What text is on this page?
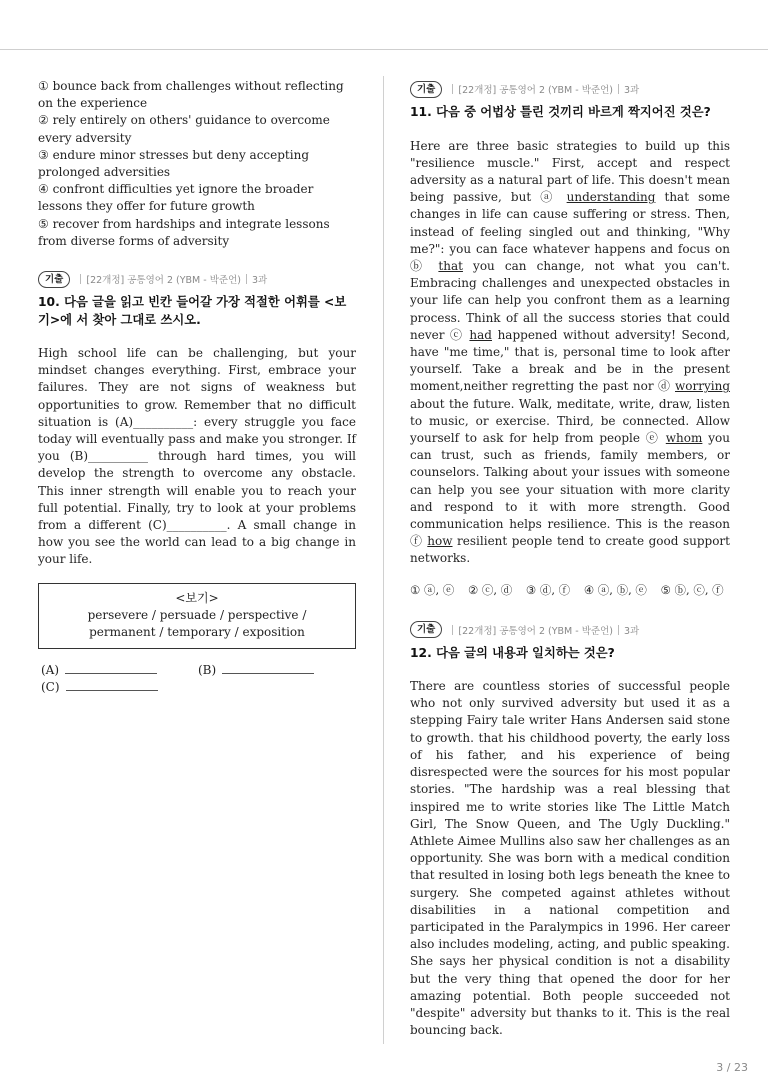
① bounce back from challenges without reflecting on the experience
② rely entirely on others' guidance to overcome every adversity
③ endure minor stresses but deny accepting prolonged adversities
④ confront difficulties yet ignore the broader lessons they offer for future growth
⑤ recover from hardships and integrate lessons from diverse forms of adversity
기출	[22개정] 공통영어 2 (YBM - 박준언) 3과
10. 다음 글을 읽고 빈칸 들어갈 가장 적절한 어휘를 <보기>에 서 찾아 그대로 쓰시오.
High school life can be challenging, but your mindset changes everything. First, embrace your failures. They are not signs of weakness but opportunities to grow. Remember that no difficult situation is (A)__________: every struggle you face today will eventually pass and make you stronger. If you (B)__________ through hard times, you will develop the strength to overcome any obstacle. This inner strength will enable you to reach your full potential. Finally, try to look at your problems from a different (C)__________. A small change in how you see the world can lead to a big change in your life.
<보기>
persevere / persuade / perspective / permanent / temporary / exposition
(A)	(B)
(C)
기출	[22개정] 공통영어 2 (YBM - 박준언) 3과
11. 다음 중 어법상 틀린 것끼리 바르게 짝지어진 것은?
Here are three basic strategies to build up this "resilience muscle." First, accept and respect adversity as a natural part of life. This doesn't mean being passive, but ⓐ understanding that some changes in life can cause suffering or stress. Then, instead of feeling singled out and thinking, "Why me?": you can face whatever happens and focus on ⓑ that you can change, not what you can't. Embracing challenges and unexpected obstacles in your life can help you confront them as a learning process. Think of all the success stories that could never ⓒ had happened without adversity! Second, have "me time," that is, personal time to look after yourself. Take a break and be in the present moment,neither regretting the past nor ⓓ worrying about the future. Walk, meditate, write, draw, listen to music, or exercise. Third, be connected. Allow yourself to ask for help from people ⓔ whom you can trust, such as friends, family members, or counselors. Talking about your issues with someone can help you see your situation with more clarity and respond to it with more strength. Good communication helps resilience. This is the reason ⓕ how resilient people tend to create good support networks.
① ⓐ, ⓔ ② ⓒ, ⓓ ③ ⓓ, ⓕ ④ ⓐ, ⓑ, ⓔ ⑤ ⓑ, ⓒ, ⓕ
기출	[22개정] 공통영어 2 (YBM - 박준언) 3과
12. 다음 글의 내용과 일치하는 것은?
There are countless stories of successful people who not only survived adversity but used it as a stepping Fairy tale writer Hans Andersen said stone to growth. that his childhood poverty, the early loss of his father, and his experience of being disrespected were the sources for his most popular stories. "The hardship was a real blessing that inspired me to write stories like The Little Match Girl, The Snow Queen, and The Ugly Duckling." Athlete Aimee Mullins also saw her challenges as an opportunity. She was born with a medical condition that resulted in losing both legs beneath the knee to surgery. She competed against athletes without disabilities in a national competition and participated in the Paralympics in 1996. Her career also includes modeling, acting, and public speaking. She says her physical condition is not a disability but the very thing that opened the door for her amazing potential. Both people succeeded not "despite" adversity but thanks to it. This is the real bouncing back.
3 / 23
